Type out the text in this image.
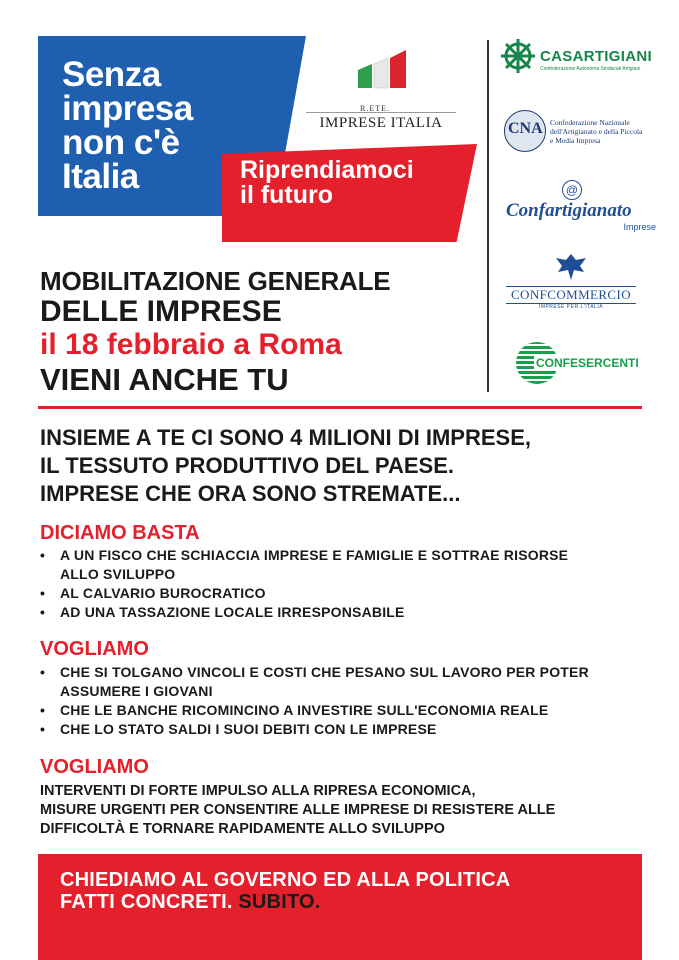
Senza
impresa
non c'è
Italia
R.ETE.
IMPRESE ITALIA
Riprendiamoci
il futuro
CASARTIGIANI
Confederazione Autonoma Sindacati Artigiani
CNA Confederazione Nazionale
dell'Artigianato e della Piccola
e Media Impresa
@
Confartigianato
Imprese
CONFCOMMERCIO
IMPRESE PER L'ITALIA
CONFESERCENTI
MOBILITAZIONE GENERALE
DELLE IMPRESE
il 18 febbraio a Roma
VIENI ANCHE TU
INSIEME A TE CI SONO 4 MILIONI DI IMPRESE,
IL TESSUTO PRODUTTIVO DEL PAESE.
IMPRESE CHE ORA SONO STREMATE...
DICIAMO BASTA
• A UN FISCO CHE SCHIACCIA IMPRESE E FAMIGLIE E SOTTRAE RISORSE
ALLO SVILUPPO
• AL CALVARIO BUROCRATICO
• AD UNA TASSAZIONE LOCALE IRRESPONSABILE
VOGLIAMO
• CHE SI TOLGANO VINCOLI E COSTI CHE PESANO SUL LAVORO PER POTER
ASSUMERE I GIOVANI
• CHE LE BANCHE RICOMINCINO A INVESTIRE SULL'ECONOMIA REALE
• CHE LO STATO SALDI I SUOI DEBITI CON LE IMPRESE
VOGLIAMO
INTERVENTI DI FORTE IMPULSO ALLA RIPRESA ECONOMICA,
MISURE URGENTI PER CONSENTIRE ALLE IMPRESE DI RESISTERE ALLE
DIFFICOLTÀ E TORNARE RAPIDAMENTE ALLO SVILUPPO
CHIEDIAMO AL GOVERNO ED ALLA POLITICA
FATTI CONCRETI. SUBITO.
